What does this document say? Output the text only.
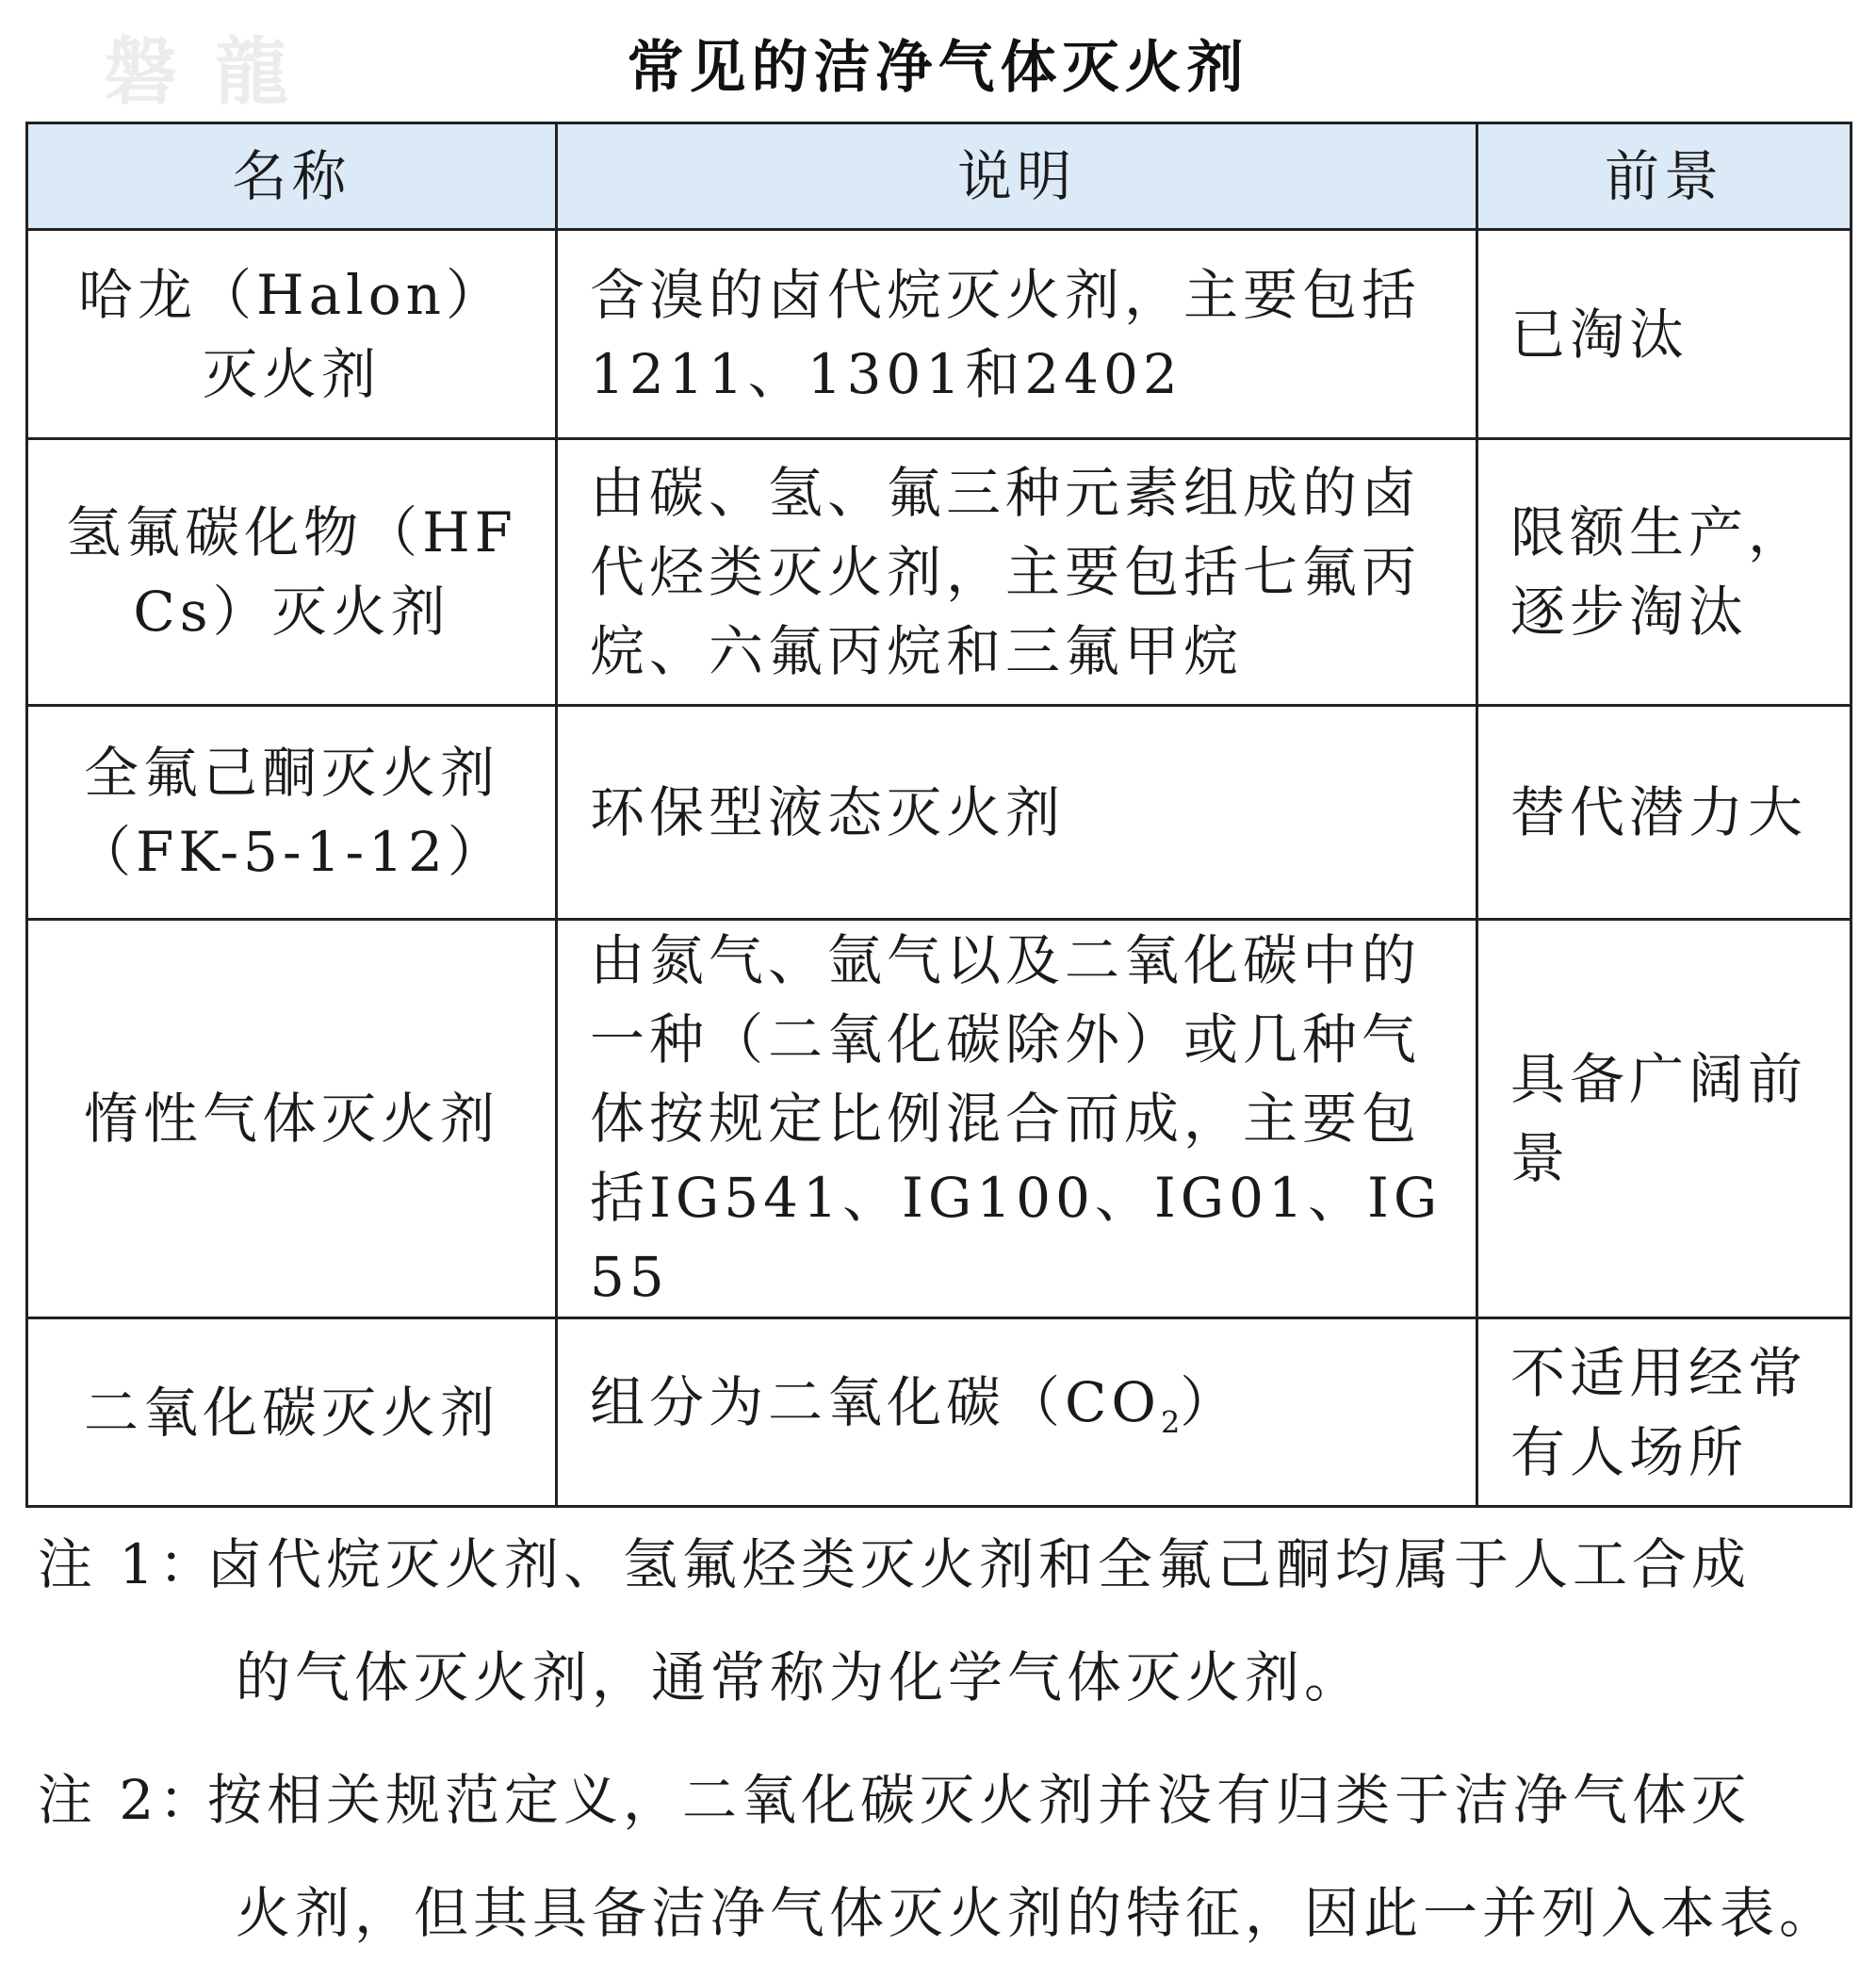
磐龍	常见的洁净气体灭火剂
名称	说明	前景
哈龙（Halon）灭火剂	含溴的卤代烷灭火剂，主要包括1211、1301和2402	已淘汰
氢氟碳化物（HFCs）灭火剂	由碳、氢、氟三种元素组成的卤代烃类灭火剂，主要包括七氟丙烷、六氟丙烷和三氟甲烷	限额生产，逐步淘汰
全氟己酮灭火剂（FK-5-1-12）	环保型液态灭火剂	替代潜力大
惰性气体灭火剂	由氮气、氩气以及二氧化碳中的一种（二氧化碳除外）或几种气体按规定比例混合而成，主要包括IG541、IG100、IG01、IG55	具备广阔前景
二氧化碳灭火剂	组分为二氧化碳$(CO_2)$	不适用经常有人场所
注 1：
卤代烷灭火剂、氢氟烃类灭火剂和全氟己酮均属于人工合成
的气体灭火剂，通常称为化学气体灭火剂。
注 2：
按相关规范定义，二氧化碳灭火剂并没有归类于洁净气体灭
火剂，但其具备洁净气体灭火剂的特征，因此一并列入本表。
